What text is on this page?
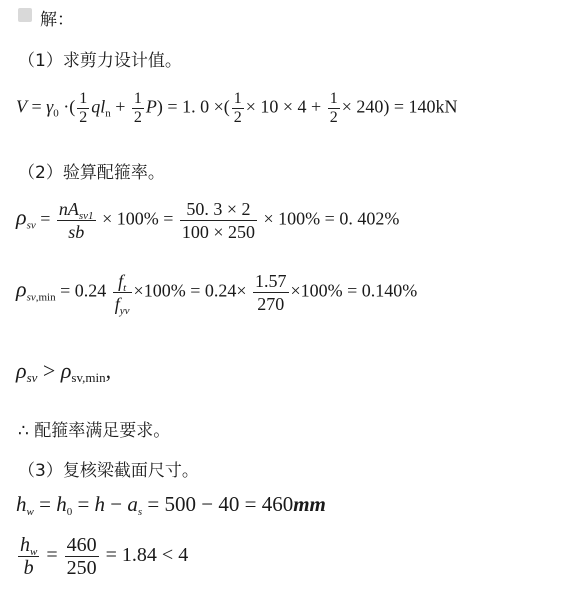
解：
（1）求剪力设计值。
$V = \gamma_0$ ·( $\frac{1}{2} ql_n + \frac{1}{2} P) = 1$. 0 ×( $\frac{1}{2} \times 10 \times 4 + \frac{1}{2} \times 240) = 140kN$
（2）验算配箍率。
$\rho_{sv} = \frac{nA_{sv1}}{sb} \times 100\% = \frac{50. 3 \times 2}{100 \times 250} \times 100\% = 0$. 402%
$\rho_{sv,min} = 0.24 \frac{f_t}{f_{yv}} \times 100\% = 0.24\times \frac{1.57}{270} \times 100\% = 0.140\%$
$\rho_{sv} > \rho_{sv,min}$,
∴ 配箍率满足要求。
（3）复核梁截面尺寸。
$h_w = h_0 = h - a_s = 500 - 40 = 460mm$
$\frac{h_w}{b} = \frac{460}{250} = 1.84 < 4$
